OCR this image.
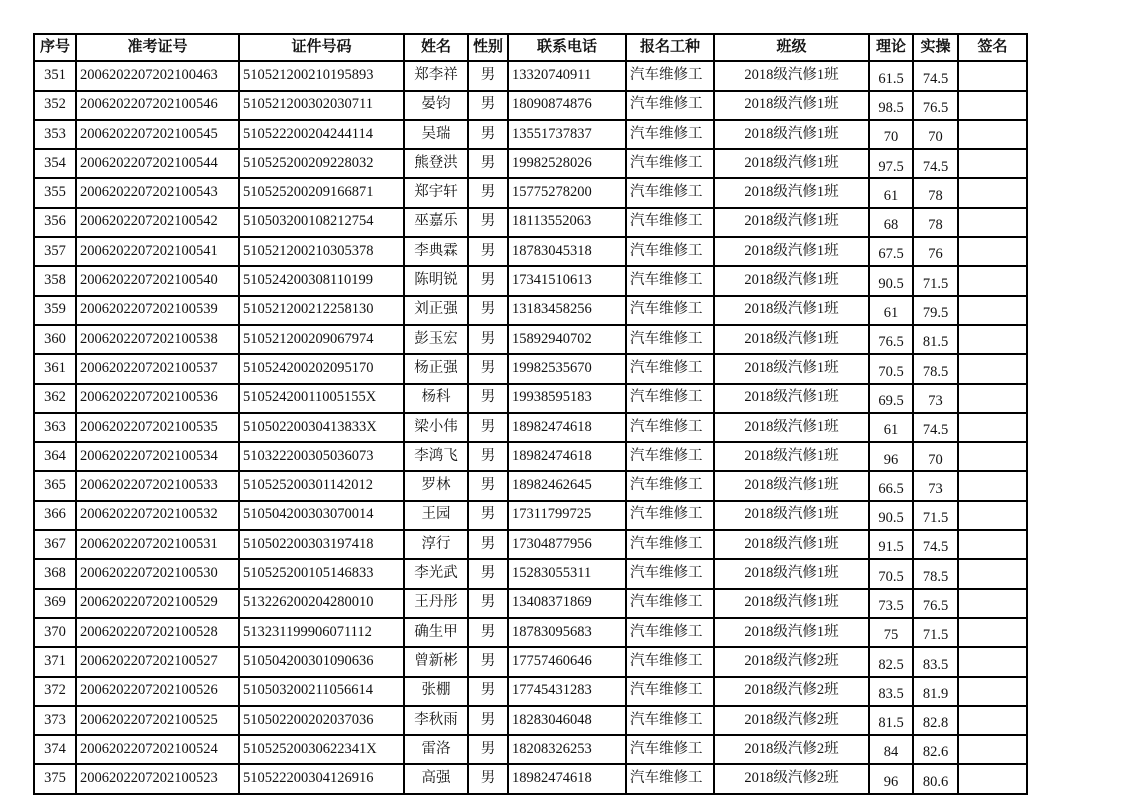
序号	准考证号	证件号码	姓名	性别	联系电话	报名工种	班级	理论	实操	签名
351	2006202207202100463	510521200210195893	郑李祥	男	13320740911	汽车维修工	2018级汽修1班	61.5	74.5	
352	2006202207202100546	510521200302030711	晏钧	男	18090874876	汽车维修工	2018级汽修1班	98.5	76.5	
353	2006202207202100545	510522200204244114	吴瑞	男	13551737837	汽车维修工	2018级汽修1班	70	70	
354	2006202207202100544	510525200209228032	熊登洪	男	19982528026	汽车维修工	2018级汽修1班	97.5	74.5	
355	2006202207202100543	510525200209166871	郑宇轩	男	15775278200	汽车维修工	2018级汽修1班	61	78	
356	2006202207202100542	510503200108212754	巫嘉乐	男	18113552063	汽车维修工	2018级汽修1班	68	78	
357	2006202207202100541	510521200210305378	李典霖	男	18783045318	汽车维修工	2018级汽修1班	67.5	76	
358	2006202207202100540	510524200308110199	陈明锐	男	17341510613	汽车维修工	2018级汽修1班	90.5	71.5	
359	2006202207202100539	510521200212258130	刘正强	男	13183458256	汽车维修工	2018级汽修1班	61	79.5	
360	2006202207202100538	510521200209067974	彭玉宏	男	15892940702	汽车维修工	2018级汽修1班	76.5	81.5	
361	2006202207202100537	510524200202095170	杨正强	男	19982535670	汽车维修工	2018级汽修1班	70.5	78.5	
362	2006202207202100536	51052420011005155X	杨科	男	19938595183	汽车维修工	2018级汽修1班	69.5	73	
363	2006202207202100535	51050220030413833X	梁小伟	男	18982474618	汽车维修工	2018级汽修1班	61	74.5	
364	2006202207202100534	510322200305036073	李鸿飞	男	18982474618	汽车维修工	2018级汽修1班	96	70	
365	2006202207202100533	510525200301142012	罗林	男	18982462645	汽车维修工	2018级汽修1班	66.5	73	
366	2006202207202100532	510504200303070014	王园	男	17311799725	汽车维修工	2018级汽修1班	90.5	71.5	
367	2006202207202100531	510502200303197418	淳行	男	17304877956	汽车维修工	2018级汽修1班	91.5	74.5	
368	2006202207202100530	510525200105146833	李光武	男	15283055311	汽车维修工	2018级汽修1班	70.5	78.5	
369	2006202207202100529	513226200204280010	王丹彤	男	13408371869	汽车维修工	2018级汽修1班	73.5	76.5	
370	2006202207202100528	513231199906071112	确生甲	男	18783095683	汽车维修工	2018级汽修1班	75	71.5	
371	2006202207202100527	510504200301090636	曾新彬	男	17757460646	汽车维修工	2018级汽修2班	82.5	83.5	
372	2006202207202100526	510503200211056614	张棚	男	17745431283	汽车维修工	2018级汽修2班	83.5	81.9	
373	2006202207202100525	510502200202037036	李秋雨	男	18283046048	汽车维修工	2018级汽修2班	81.5	82.8	
374	2006202207202100524	51052520030622341X	雷洛	男	18208326253	汽车维修工	2018级汽修2班	84	82.6	
375	2006202207202100523	510522200304126916	高强	男	18982474618	汽车维修工	2018级汽修2班	96	80.6	
